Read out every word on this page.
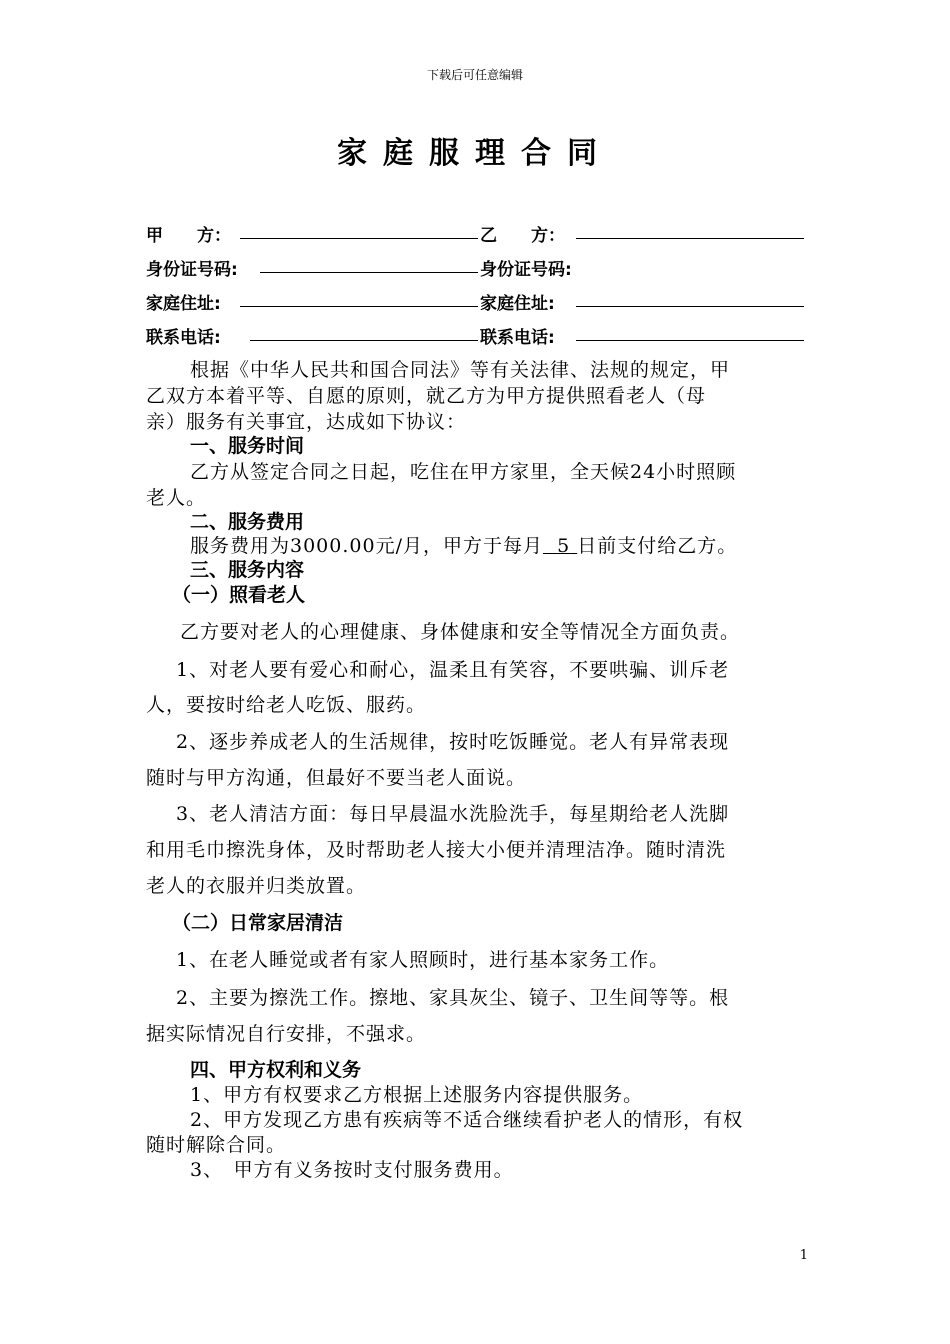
下载后可任意编辑
家庭服理合同
甲　　方：	乙　　方：
身份证号码:	身份证号码:
家庭住址:	家庭住址:
联系电话:	联系电话:
根据《中华人民共和国合同法》等有关法律、法规的规定，甲
乙双方本着平等、自愿的原则，就乙方为甲方提供照看老人（母
亲）服务有关事宜，达成如下协议：
一、服务时间
乙方从签定合同之日起，吃住在甲方家里，全天候24小时照顾
老人。
二、服务费用
服务费用为3000.00元/月，甲方于每月 5 日前支付给乙方。
三、服务内容
（一）照看老人
乙方要对老人的心理健康、身体健康和安全等情况全方面负责。
1、对老人要有爱心和耐心，温柔且有笑容，不要哄骗、训斥老
人，要按时给老人吃饭、服药。
2、逐步养成老人的生活规律，按时吃饭睡觉。老人有异常表现
随时与甲方沟通，但最好不要当老人面说。
3、老人清洁方面：每日早晨温水洗脸洗手，每星期给老人洗脚
和用毛巾擦洗身体，及时帮助老人接大小便并清理洁净。随时清洗
老人的衣服并归类放置。
（二）日常家居清洁
1、在老人睡觉或者有家人照顾时，进行基本家务工作。
2、主要为擦洗工作。擦地、家具灰尘、镜子、卫生间等等。根
据实际情况自行安排，不强求。
四、甲方权利和义务
1、甲方有权要求乙方根据上述服务内容提供服务。
2、甲方发现乙方患有疾病等不适合继续看护老人的情形，有权
随时解除合同。
3、　甲方有义务按时支付服务费用。
1
